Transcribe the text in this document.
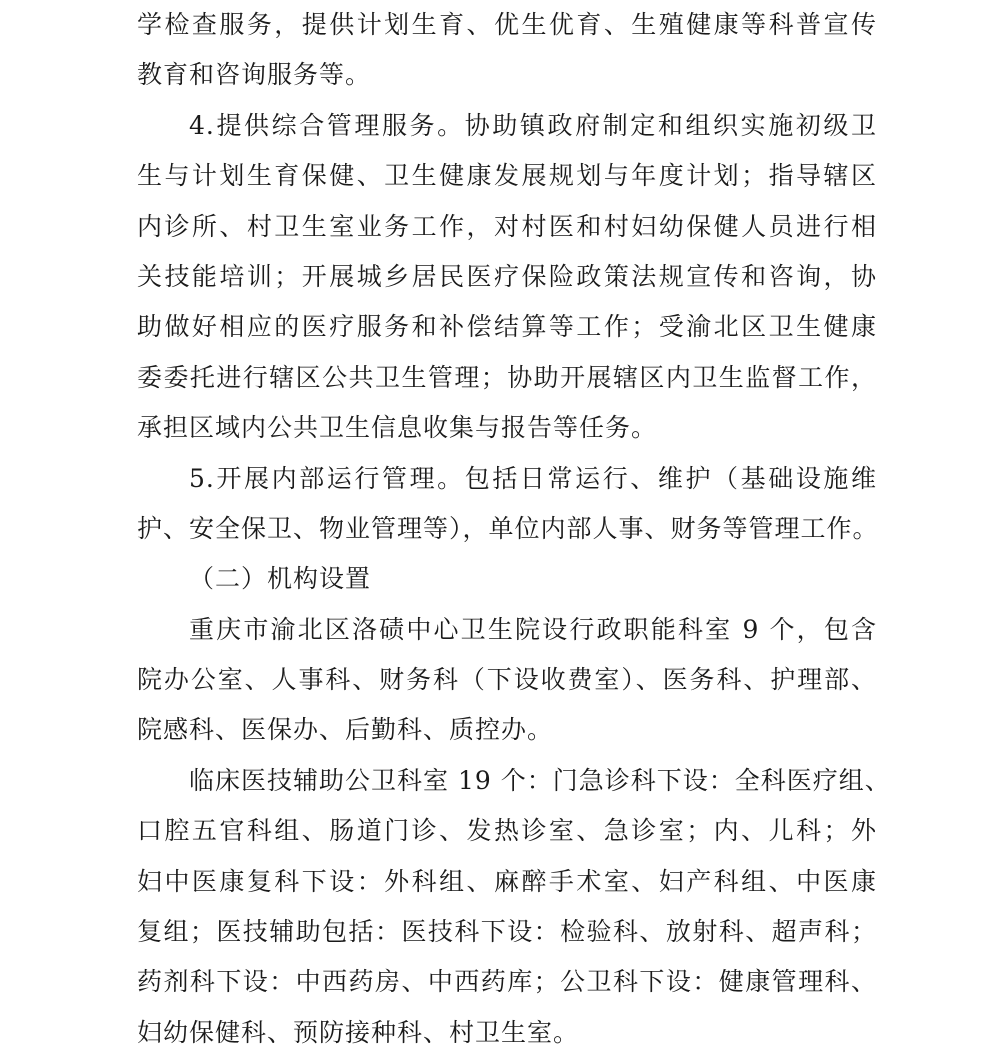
学检查服务，提供计划生育、优生优育、生殖健康等科普宣传
教育和咨询服务等。
4.提供综合管理服务。协助镇政府制定和组织实施初级卫
生与计划生育保健、卫生健康发展规划与年度计划；指导辖区
内诊所、村卫生室业务工作，对村医和村妇幼保健人员进行相
关技能培训；开展城乡居民医疗保险政策法规宣传和咨询，协
助做好相应的医疗服务和补偿结算等工作；受渝北区卫生健康
委委托进行辖区公共卫生管理；协助开展辖区内卫生监督工作，
承担区域内公共卫生信息收集与报告等任务。
5.开展内部运行管理。包括日常运行、维护（基础设施维
护、安全保卫、物业管理等），单位内部人事、财务等管理工作。
（二）机构设置
重庆市渝北区洛碛中心卫生院设行政职能科室 9 个，包含
院办公室、人事科、财务科（下设收费室）、医务科、护理部、
院感科、医保办、后勤科、质控办。
临床医技辅助公卫科室 19 个：门急诊科下设：全科医疗组、
口腔五官科组、肠道门诊、发热诊室、急诊室；内、儿科；外
妇中医康复科下设：外科组、麻醉手术室、妇产科组、中医康
复组；医技辅助包括：医技科下设：检验科、放射科、超声科；
药剂科下设：中西药房、中西药库；公卫科下设：健康管理科、
妇幼保健科、预防接种科、村卫生室。
